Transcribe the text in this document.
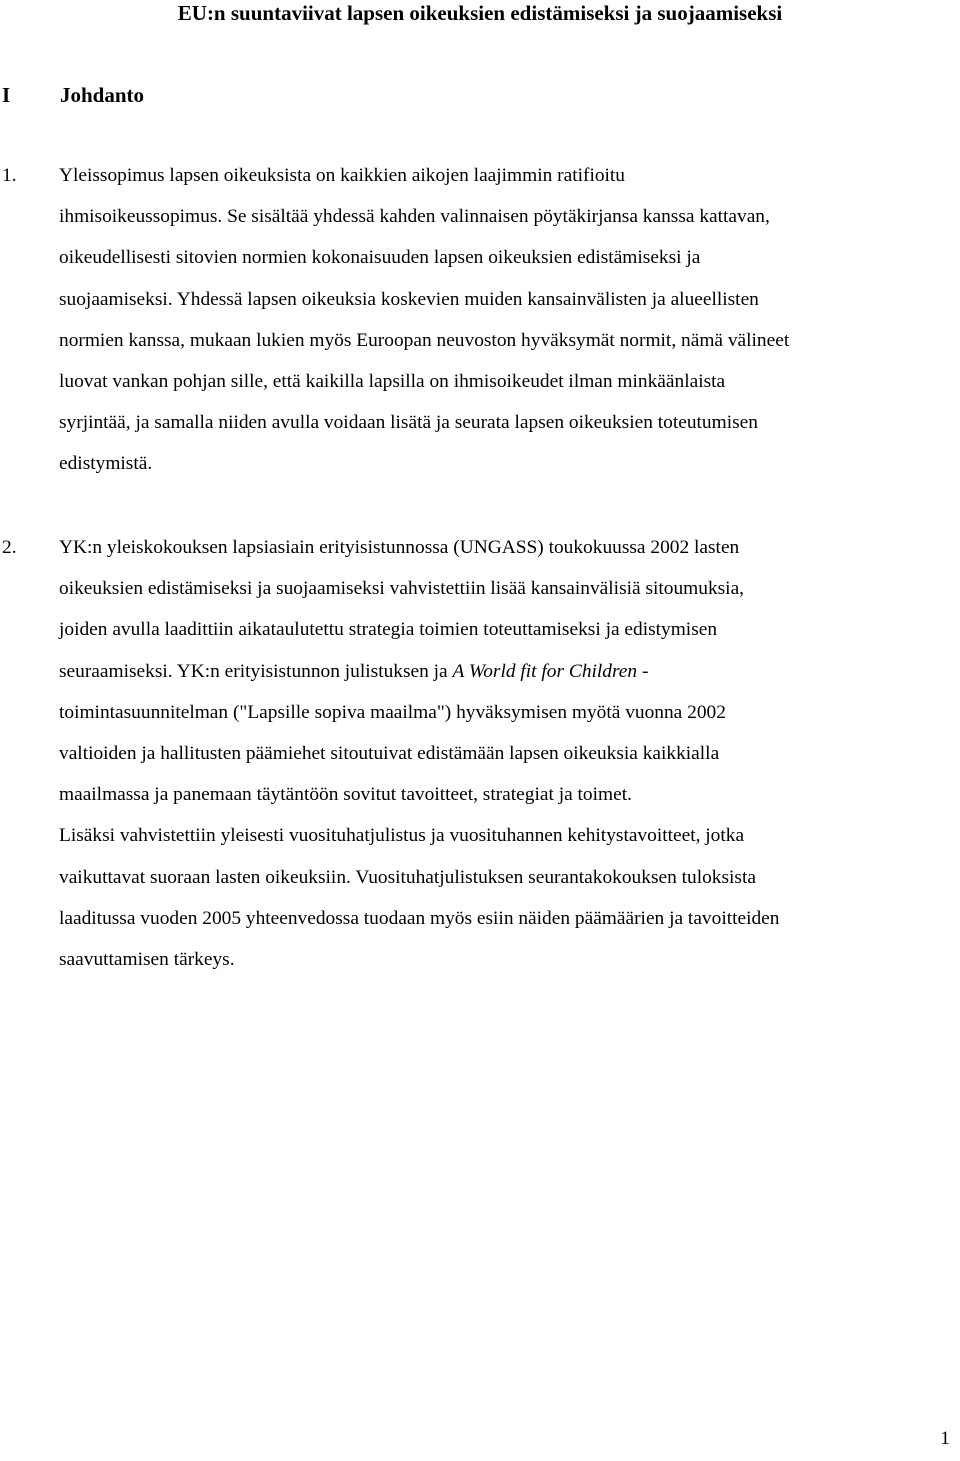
EU:n suuntaviivat lapsen oikeuksien edistämiseksi ja suojaamiseksi
I Johdanto
1. Yleissopimus lapsen oikeuksista on kaikkien aikojen laajimmin ratifioitu
ihmisoikeussopimus. Se sisältää yhdessä kahden valinnaisen pöytäkirjansa kanssa kattavan,
oikeudellisesti sitovien normien kokonaisuuden lapsen oikeuksien edistämiseksi ja
suojaamiseksi. Yhdessä lapsen oikeuksia koskevien muiden kansainvälisten ja alueellisten
normien kanssa, mukaan lukien myös Euroopan neuvoston hyväksymät normit, nämä välineet
luovat vankan pohjan sille, että kaikilla lapsilla on ihmisoikeudet ilman minkäänlaista
syrjintää, ja samalla niiden avulla voidaan lisätä ja seurata lapsen oikeuksien toteutumisen
edistymistä.
2. YK:n yleiskokouksen lapsiasiain erityisistunnossa (UNGASS) toukokuussa 2002 lasten
oikeuksien edistämiseksi ja suojaamiseksi vahvistettiin lisää kansainvälisiä sitoumuksia,
joiden avulla laadittiin aikataulutettu strategia toimien toteuttamiseksi ja edistymisen
seuraamiseksi. YK:n erityisistunnon julistuksen ja A World fit for Children -
toimintasuunnitelman ("Lapsille sopiva maailma") hyväksymisen myötä vuonna 2002
valtioiden ja hallitusten päämiehet sitoutuivat edistämään lapsen oikeuksia kaikkialla
maailmassa ja panemaan täytäntöön sovitut tavoitteet, strategiat ja toimet.
Lisäksi vahvistettiin yleisesti vuosituhatjulistus ja vuosituhannen kehitystavoitteet, jotka
vaikuttavat suoraan lasten oikeuksiin. Vuosituhatjulistuksen seurantakokouksen tuloksista
laaditussa vuoden 2005 yhteenvedossa tuodaan myös esiin näiden päämäärien ja tavoitteiden
saavuttamisen tärkeys.
1
